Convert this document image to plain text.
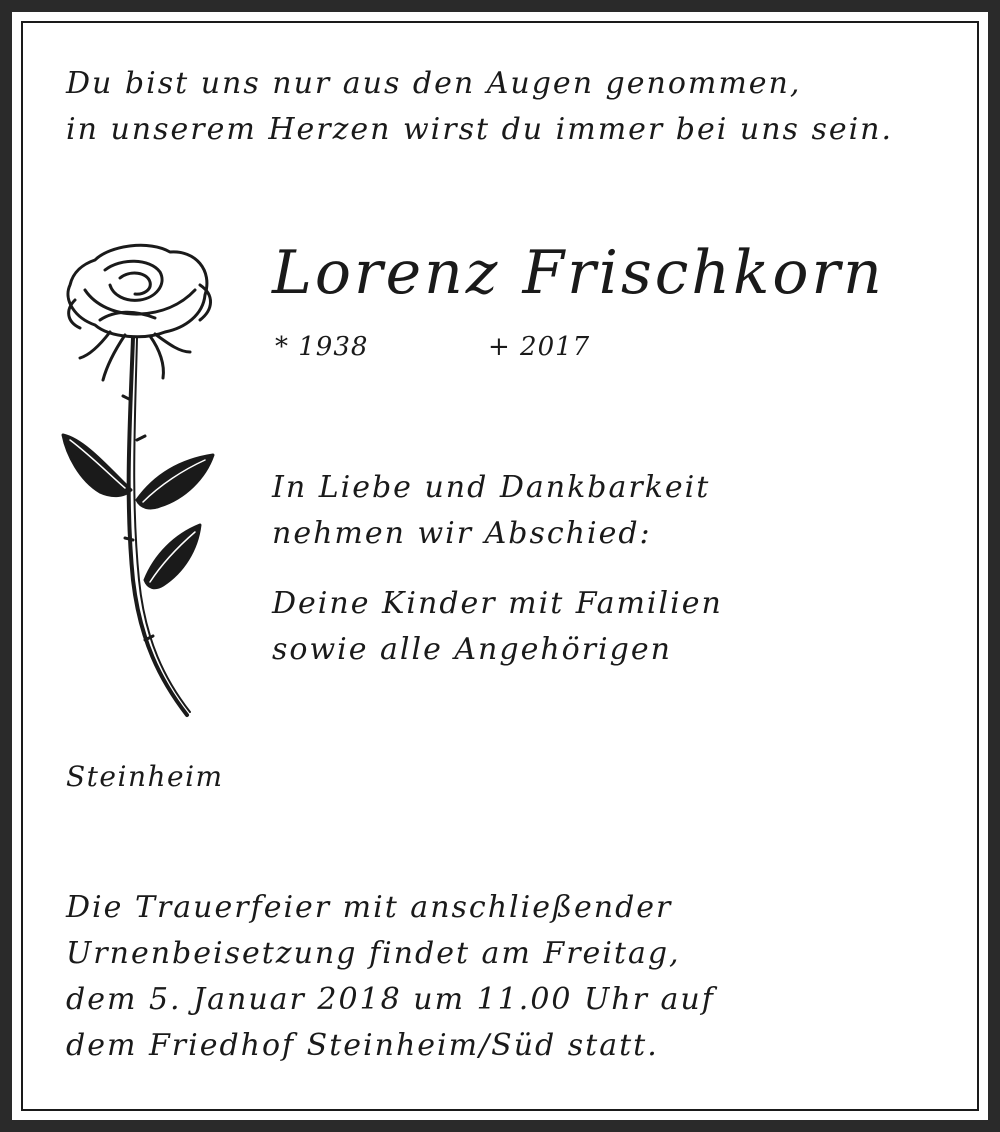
Du bist uns nur aus den Augen genommen,
in unserem Herzen wirst du immer bei uns sein.
Lorenz Frischkorn
* 1938	+ 2017
In Liebe und Dankbarkeit
nehmen wir Abschied:
Deine Kinder mit Familien
sowie alle Angehörigen
Steinheim
Die Trauerfeier mit anschließender
Urnenbeisetzung findet am Freitag,
dem 5. Januar 2018 um 11.00 Uhr auf
dem Friedhof Steinheim/Süd statt.
